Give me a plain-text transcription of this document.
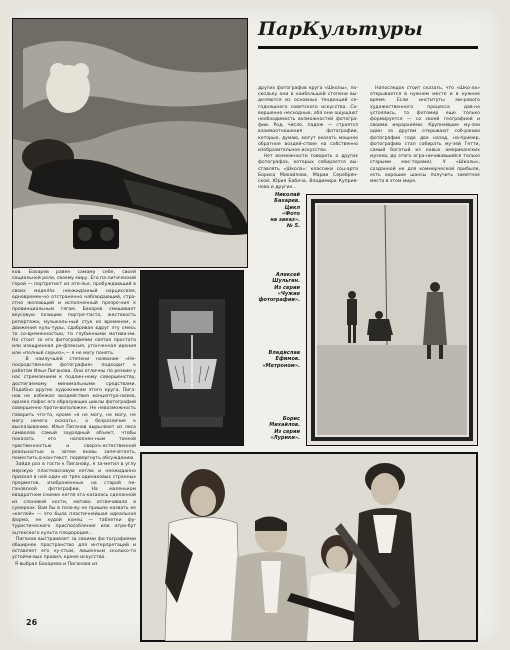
ПарКультуры
других фотографов круга «Школы», по-скольку они в наибольшей степени вы-деляются из основных тенденций се-годняшнего советского искусства. Со-вершенно несходные, оба они ощущают необходимость возможностей фотогра-фии. Род, число, падеж — строятся взаимоотношения фотографии, которые, думаю, могут оказать мощное обратное воздей-ствие на собственно изобразительное искусство.
Нет возможности говорить о других фотографах, которых собирается вы-ставлять «Школа»: классики соц-арта Бориса Михайлова, Марии Серебрян-ской, Юрия Бабича, Владимира Куприя-нова и других...
Напоследок стоит сказать, что «Шко-ла» открывается в нужном месте и в нужное время. Если институты ми-рового художественного процесса дав-но устоялись, то фотомир еще только формируется — со своей географией и своими иерархиями. Крупнейшие му-зеи один за другим открывают соб-ранию фотографии года два назад, на-пример, фотографию стал собирать му-зей Гетти, самый богатый из новых американских музеев, до этого огра-ничивавшийся только старыми мас-терами). У «Школы», созданной не для коммерческой прибыли, есть хорошие шансы получить заметное место в этом мире.
Николай
Бахарев.
Цикл
«Фото
на заказ».
№ 5.
Алексей
Шульгин.
Из серии
«Чужие
фотографии».
Владислав
Ефимов.
«Метроном».
Борис
Михайлов.
Из серии
«Лурики».
ков. Бахарев равен самому себе, своей социальной роли, своему миру. Его па-литический герой — портретист из ате-лье, пробуждающий в своих моделях неожиданный нарциссизм, одновремен-но отстраненно наблюдающий, стра-стно желающий и исполненный презре-ния к провинциальным тягам. Бахарев смешивает вкусовую позицию портре-тиста, жестокость репортажа, музыкаль-ный стук из временем, к движения куль-туры, сдабривая вдруг эту смесь то со-временностью, то глубинными мотива-ми. Но стоит за его фотографиями святая простота или изощренная ре-флексия, утонченная ирония или «полный серьез»,— я не могу понять.
В наилучшей степени название «Не-посредственная фотография» подходит к работам Ильи Пиганова. Они отличны по резким у нас стремлением к подлин-ному совершенству, достигаемому минимальными средствами. Подобно других художникам этого круга, Пига-нов не избежал воздействия концептуа-лизма, однако пафос его образующих циклы фотографий совершенно проти-воположен. Не невозможность говорить что-то, кроме «я не могу, не могу, не могу ничего сказать», а безразличие к высказыванию. Илья Пиганов выры-вает из леса символов самый заурядный объект, чтобы показать его наполнен-ным тонкой чувственностью и сверхъ-естественной реальностью и затем вновь запечатлеть, поместить в кон-текст, подвергнуть обсуждению.
Зайдя раз в гости к Пиганову, я за-метил в углу мерзкую пластмассовую кеглю и неожиданно признал в ней один из трех одинаковых странных предметов, изображенных на старой пи-гановской фотографии. На маленьком квадратном снимке кегля эта казалась сделанной из слоновой кости, матово отсвечивала в сумерках. Вам бы в голо-ву не пришло назвать ее «кеглей» — это была пластичнейшая идеальная форма, не худой конец — таблетки фу-туристического приспособления или атри-бут ацтекского культа плодородия...
Пиганов выстраивает за своими фо-тографиями обширное пространство для интерпретаций и оставляет его ну-стым, лишенным сколько-то устойчи-вых правил, кроме искусства.
Я выбрал Бахарева и Пиганова из
26
